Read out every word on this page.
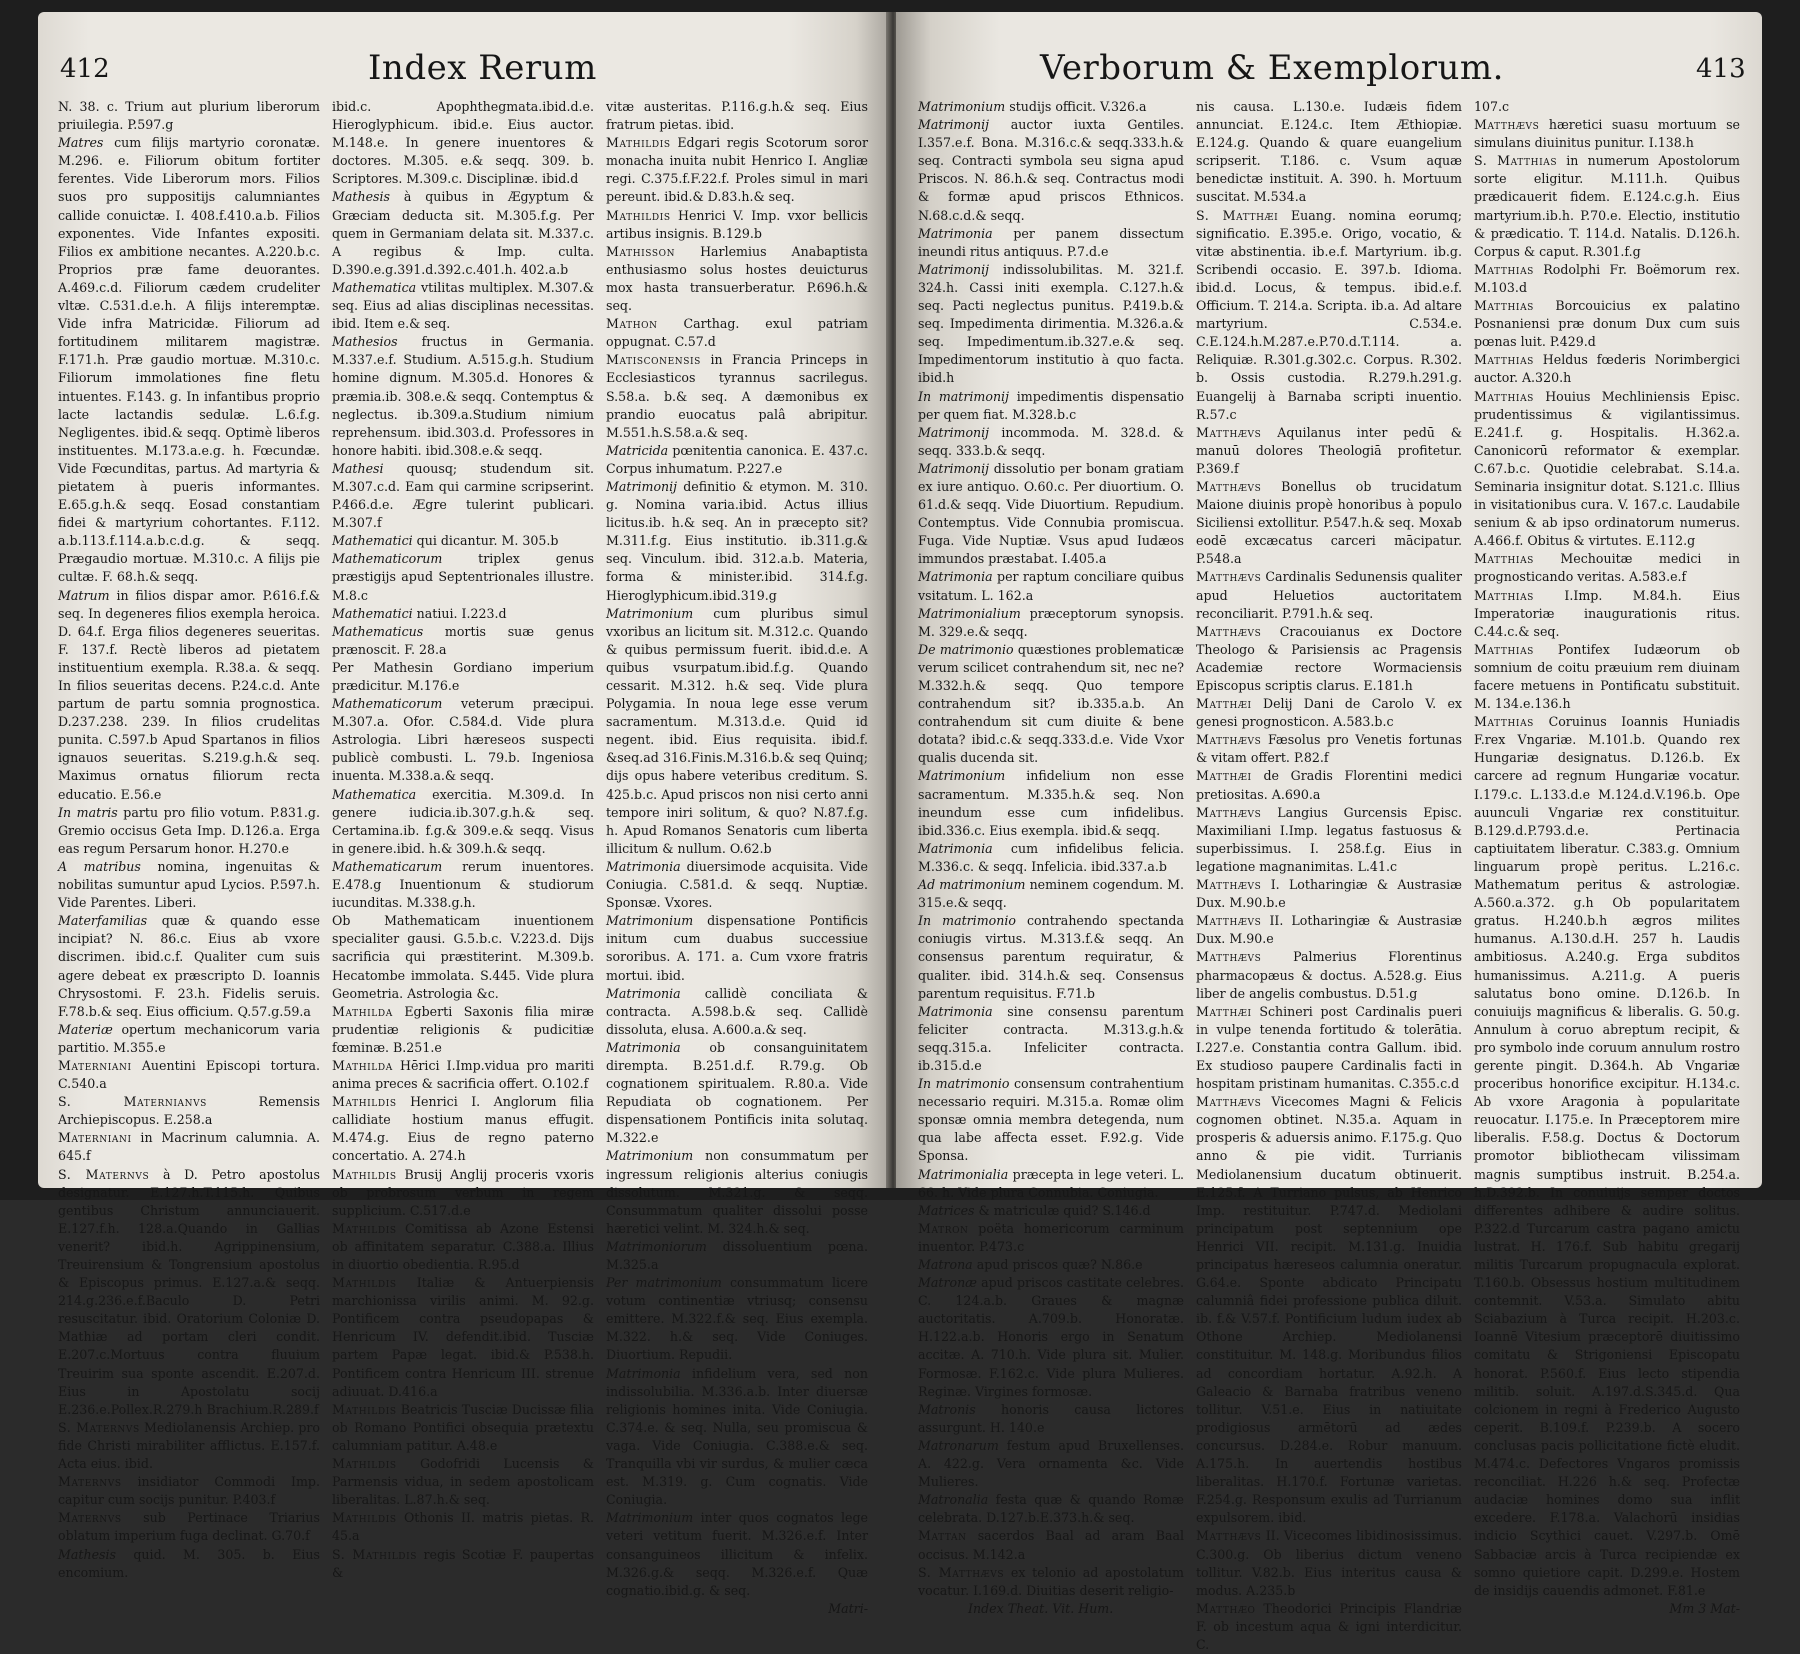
412	Index Rerum

N. 38. c. Trium aut plurium liberorum priuilegia. P.597.g

Matres cum filijs martyrio coronatæ. M.296. e. Filiorum obitum fortiter ferentes. Vide Liberorum mors. Filios suos pro suppositijs calumniantes callide conuictæ. I. 408.f.410.a.b. Filios exponentes. Vide Infantes expositi. Filios ex ambitione necantes. A.220.b.c. Proprios præ fame deuorantes. A.469.c.d. Filiorum cædem crudeliter vltæ. C.531.d.e.h. A filijs interemptæ. Vide infra Matricidæ. Filiorum ad fortitudinem militarem magistræ. F.171.h. Præ gaudio mortuæ. M.310.c. Filiorum immolationes fine fletu intuentes. F.143. g. In infantibus proprio lacte lactandis sedulæ. L.6.f.g. Negligentes. ibid.& seqq. Optimè liberos instituentes. M.173.a.e.g. h. Fœcundæ. Vide Fœcunditas, partus. Ad martyria & pietatem à pueris informantes. E.65.g.h.& seqq. Eosad constantiam fidei & martyrium cohortantes. F.112. a.b.113.f.114.a.b.c.d.g. & seqq. Prægaudio mortuæ. M.310.c. A filijs pie cultæ. F. 68.h.& seqq.

Matrum in filios dispar amor. P.616.f.& seq. In degeneres filios exempla heroica. D. 64.f. Erga filios degeneres seueritas. F. 137.f. Rectè liberos ad pietatem instituentium exempla. R.38.a. & seqq. In filios seueritas decens. P.24.c.d. Ante partum de partu somnia prognostica. D.237.238. 239. In filios crudelitas punita. C.597.b Apud Spartanos in filios ignauos seueritas. S.219.g.h.& seq. Maximus ornatus filiorum recta educatio. E.56.e

In matris partu pro filio votum. P.831.g. Gremio occisus Geta Imp. D.126.a. Erga eas regum Persarum honor. H.270.e

A matribus nomina, ingenuitas & nobilitas sumuntur apud Lycios. P.597.h. Vide Parentes. Liberi.

Materfamilias quæ & quando esse incipiat? N. 86.c. Eius ab vxore discrimen. ibid.c.f. Qualiter cum suis agere debeat ex præscripto D. Ioannis Chrysostomi. F. 23.h. Fidelis seruis. F.78.b.& seq. Eius officium. Q.57.g.59.a

Materiæ opertum mechanicorum varia partitio. M.355.e

Materniani Auentini Episcopi tortura. C.540.a

S. Maternianvs	Remensis Archiepiscopus. E.258.a

Materniani in Macrinum calumnia. A. 645.f

S. Maternvs à D. Petro apostolus designatur. E.127.h.T.115.h. Quibus gentibus Christum annunciauerit. E.127.f.h. 128.a.Quando in Gallias venerit? ibid.h. Agrippinensium, Treuirensium & Tongrensium apostolus & Episcopus primus. E.127.a.& seqq. 214.g.236.e.f.Baculo D. Petri resuscitatur. ibid. Oratorium Coloniæ D. Mathiæ ad portam cleri condit. E.207.c.Mortuus contra fluuium Treuirim sua sponte ascendit. E.207.d. Eius in Apostolatu socij E.236.e.Pollex.R.279.h Brachium.R.289.f

S. Maternvs Mediolanensis Archiep. pro fide Christi mirabiliter afflictus. E.157.f. Acta eius. ibid.

Maternvs insidiator Commodi Imp. capitur cum socijs punitur. P.403.f

Maternvs sub Pertinace Triarius oblatum imperium fuga declinat. G.70.f

Mathesis quid. M. 305. b. Eius encomium.

ibid.c. Apophthegmata.ibid.d.e. Hieroglyphicum. ibid.e. Eius auctor. M.148.e. In genere inuentores & doctores. M.305. e.& seqq. 309. b. Scriptores. M.309.c. Disciplinæ. ibid.d

Mathesis à quibus in Ægyptum & Græciam deducta sit. M.305.f.g. Per quem in Germaniam delata sit. M.337.c. A regibus & Imp. culta. D.390.e.g.391.d.392.c.401.h. 402.a.b

Mathematica vtilitas multiplex. M.307.& seq. Eius ad alias disciplinas necessitas. ibid. Item e.& seq.

Mathesios fructus in Germania. M.337.e.f. Studium. A.515.g.h. Studium homine dignum. M.305.d. Honores & præmia.ib. 308.e.& seqq. Contemptus & neglectus. ib.309.a.Studium nimium reprehensum. ibid.303.d. Professores in honore habiti. ibid.308.e.& seqq.

Mathesi quousq; studendum sit. M.307.c.d. Eam qui carmine scripserint. P.466.d.e. Ægre tulerint publicari. M.307.f

Mathematici qui dicantur. M. 305.b

Mathematicorum	triplex genus præstigijs apud Septentrionales illustre. M.8.c

Mathematici natiui. I.223.d

Mathematicus mortis suæ genus prænoscit. F. 28.a

Per Mathesin Gordiano imperium prædicitur. M.176.e

Mathematicorum veterum præcipui. M.307.a. Ofor. C.584.d. Vide plura Astrologia. Libri hæreseos suspecti publicè combusti. L. 79.b. Ingeniosa inuenta. M.338.a.& seqq.

Mathematica exercitia. M.309.d. In genere iudicia.ib.307.g.h.& seq. Certamina.ib. f.g.& 309.e.& seqq. Visus in genere.ibid. h.& 309.h.& seqq.

Mathematicarum rerum inuentores. E.478.g Inuentionum & studiorum iucunditas. M.338.g.h.

Ob Mathematicam inuentionem specialiter gausi. G.5.b.c. V.223.d. Dijs sacrificia qui præstiterint. M.309.b. Hecatombe immolata. S.445. Vide plura Geometria. Astrologia &c.

Mathilda Egberti Saxonis filia miræ prudentiæ religionis & pudicitiæ fœminæ. B.251.e

Mathilda Hērici I.Imp.vidua pro mariti anima preces & sacrificia offert. O.102.f

Mathildis Henrici I. Anglorum filia callidiate hostium manus effugit. M.474.g. Eius de regno paterno concertatio. A. 274.h

Mathildis Brusij Anglij proceris vxoris ob probrosum verbum in regem supplicium. C.517.d.e

Mathildis Comitissa ab Azone Estensi ob affinitatem separatur. C.388.a. Illius in diuortio obedientia. R.95.d

Mathildis Italiæ & Antuerpiensis marchionissa virilis animi. M. 92.g. Pontificem contra pseudopapas & Henricum IV. defendit.ibid. Tusciæ partem Papæ legat. ibid.& P.538.h. Pontificem contra Henricum III. strenue adiuuat. D.416.a

Mathildis Beatricis Tusciæ Ducissæ filia ob Romano Pontifici obsequia prætextu calumniam patitur. A.48.e

Mathildis Godofridi Lucensis & Parmensis vidua, in sedem apostolicam liberalitas. L.87.h.& seq.

Mathildis Othonis II. matris pietas. R. 45.a

S. Mathildis regis Scotiæ F. paupertas &

vitæ austeritas. P.116.g.h.& seq. Eius fratrum pietas. ibid.

Mathildis Edgari regis Scotorum soror monacha inuita nubit Henrico I. Angliæ regi. C.375.f.F.22.f. Proles simul in mari pereunt. ibid.& D.83.h.& seq.

Mathildis Henrici V. Imp. vxor bellicis artibus insignis. B.129.b

Mathisson Harlemius Anabaptista enthusiasmo solus hostes deuicturus mox hasta transuerberatur. P.696.h.& seq.

Mathon Carthag. exul patriam oppugnat. C.57.d

Matisconensis in Francia Princeps in Ecclesiasticos tyrannus sacrilegus. S.58.a. b.& seq. A dæmonibus ex prandio euocatus palâ abripitur. M.551.h.S.58.a.& seq.

Matricida pœnitentia canonica. E. 437.c. Corpus inhumatum. P.227.e

Matrimonij definitio & etymon. M. 310. g. Nomina varia.ibid. Actus illius licitus.ib. h.& seq. An in præcepto sit? M.311.f.g. Eius institutio. ib.311.g.& seq. Vinculum. ibid. 312.a.b. Materia, forma & minister.ibid. 314.f.g. Hieroglyphicum.ibid.319.g

Matrimonium cum pluribus simul vxoribus an licitum sit. M.312.c. Quando & quibus permissum fuerit. ibid.d.e. A quibus vsurpatum.ibid.f.g. Quando cessarit. M.312. h.& seq. Vide plura Polygamia. In noua lege esse verum sacramentum. M.313.d.e. Quid id negent. ibid. Eius requisita. ibid.f. &seq.ad 316.Finis.M.316.b.& seq Quinq; dijs opus habere veteribus creditum. S. 425.b.c. Apud priscos non nisi certo anni tempore iniri solitum, & quo? N.87.f.g. h. Apud Romanos Senatoris cum liberta illicitum & nullum. O.62.b

Matrimonia diuersimode acquisita. Vide Coniugia. C.581.d. & seqq. Nuptiæ. Sponsæ. Vxores.

Matrimonium dispensatione Pontificis initum cum duabus successiue sororibus. A. 171. a. Cum vxore fratris mortui. ibid.

Matrimonia callidè conciliata & contracta. A.598.b.& seq. Callidè dissoluta, elusa. A.600.a.& seq.

Matrimonia ob consanguinitatem dirempta. B.251.d.f. R.79.g. Ob cognationem spiritualem. R.80.a. Vide Repudiata ob cognationem. Per dispensationem Pontificis inita solutaq. M.322.e

Matrimonium non consummatum per ingressum religionis alterius coniugis dissolutum. M.321.g. & seqq. Consummatum qualiter dissolui posse hæretici velint. M. 324.h.& seq.

Matrimoniorum dissoluentium pœna. M.325.a

Per matrimonium consummatum licere votum continentiæ vtriusq; consensu emittere. M.322.f.& seq. Eius exempla. M.322. h.& seq. Vide Coniuges. Diuortium. Repudii.

Matrimonia infidelium vera, sed non indissolubilia. M.336.a.b. Inter diuersæ religionis homines inita. Vide Coniugia. C.374.e. & seq. Nulla, seu promiscua & vaga. Vide Coniugia. C.388.e.& seq. Tranquilla vbi vir surdus, & mulier cæca est. M.319. g. Cum cognatis. Vide Coniugia.

Matrimonium inter quos cognatos lege veteri vetitum fuerit. M.326.e.f. Inter consanguineos illicitum & infelix. M.326.g.& seqq. M.326.e.f. Quæ cognatio.ibid.g. & seq.

Matri-

Verborum & Exemplorum.	413

Matrimonium studijs officit. V.326.a

Matrimonij auctor iuxta Gentiles. I.357.e.f. Bona. M.316.c.& seqq.333.h.& seq. Contracti symbola seu signa apud Priscos. N. 86.h.& seq. Contractus modi & formæ apud priscos Ethnicos. N.68.c.d.& seqq.

Matrimonia per panem dissectum ineundi ritus antiquus. P.7.d.e

Matrimonij indissolubilitas. M. 321.f. 324.h. Cassi initi exempla. C.127.h.& seq. Pacti neglectus punitus. P.419.b.& seq. Impedimenta dirimentia. M.326.a.& seq. Impedimentum.ib.327.e.& seq. Impedimentorum institutio à quo facta. ibid.h

In matrimonij impedimentis dispensatio per quem fiat. M.328.b.c

Matrimonij incommoda. M. 328.d. & seqq. 333.b.& seqq.

Matrimonij dissolutio per bonam gratiam ex iure antiquo. O.60.c. Per diuortium. O. 61.d.& seqq. Vide Diuortium. Repudium. Contemptus. Vide Connubia promiscua. Fuga. Vide Nuptiæ. Vsus apud Iudæos immundos præstabat. I.405.a

Matrimonia per raptum conciliare quibus vsitatum. L. 162.a

Matrimonialium præceptorum synopsis. M. 329.e.& seqq.

De matrimonio quæstiones problematicæ verum scilicet contrahendum sit, nec ne? M.332.h.& seqq. Quo tempore contrahendum sit? ib.335.a.b. An contrahendum sit cum diuite & bene dotata? ibid.c.& seqq.333.d.e. Vide Vxor qualis ducenda sit.

Matrimonium infidelium non esse sacramentum. M.335.h.& seq. Non ineundum esse cum infidelibus. ibid.336.c. Eius exempla. ibid.& seqq.

Matrimonia cum infidelibus felicia. M.336.c. & seqq. Infelicia. ibid.337.a.b

Ad matrimonium neminem cogendum. M. 315.e.& seqq.

In matrimonio contrahendo spectanda coniugis virtus. M.313.f.& seqq. An consensus parentum requiratur, & qualiter. ibid. 314.h.& seq. Consensus parentum requisitus. F.71.b

Matrimonia sine consensu parentum feliciter contracta. M.313.g.h.& seqq.315.a. Infeliciter contracta. ib.315.d.e

In matrimonio consensum contrahentium necessario requiri. M.315.a. Romæ olim sponsæ omnia membra detegenda, num qua labe affecta esset. F.92.g. Vide Sponsa.

Matrimonialia præcepta in lege veteri. L. 66. h. Vide plura Connubia. Coniugia.

Matrices & matriculæ quid? S.146.d

Matron poëta homericorum carminum inuentor. P.473.c

Matrona apud priscos quæ? N.86.e

Matronæ apud priscos castitate celebres. C. 124.a.b. Graues & magnæ auctoritatis. A.709.b. Honoratæ. H.122.a.b. Honoris ergo in Senatum accitæ. A. 710.h. Vide plura sit. Mulier. Formosæ. F.162.c. Vide plura Mulieres. Reginæ. Virgines formosæ.

Matronis honoris causa lictores assurgunt. H. 140.e

Matronarum festum apud Bruxellenses. A. 422.g. Vera ornamenta &c. Vide Mulieres.

Matronalia festa quæ & quando Romæ celebrata. D.127.b.E.373.h.& seq.

Mattan sacerdos Baal ad aram Baal occisus. M.142.a

S. Matthævs ex telonio ad apostolatum vocatur. I.169.d. Diuitias deserit religio-

Index Theat. Vit. Hum.

nis causa. L.130.e. Iudæis fidem annunciat. E.124.c. Item Æthiopiæ. E.124.g. Quando & quare euangelium scripserit. T.186. c. Vsum aquæ benedictæ instituit. A. 390. h. Mortuum suscitat. M.534.a

S. Matthæi Euang. nomina eorumq; significatio. E.395.e. Origo, vocatio, & vitæ abstinentia. ib.e.f. Martyrium. ib.g. Scribendi occasio. E. 397.b. Idioma. ibid.d. Locus, & tempus. ibid.e.f. Officium. T. 214.a. Scripta. ib.a. Ad altare martyrium. C.534.e. C.E.124.h.M.287.e.P.70.d.T.114. a. Reliquiæ. R.301.g.302.c. Corpus. R.302. b. Ossis custodia. R.279.h.291.g. Euangelij à Barnaba scripti inuentio. R.57.c

Matthævs Aquilanus inter pedū & manuū dolores Theologiā profitetur. P.369.f

Matthævs Bonellus ob trucidatum Maione diuinis propè honoribus à populo Siciliensi extollitur. P.547.h.& seq. Moxab eodē excæcatus carceri mācipatur. P.548.a

Matthævs Cardinalis Sedunensis qualiter apud Heluetios auctoritatem reconciliarit. P.791.h.& seq.

Matthævs Cracouianus ex Doctore Theologo & Parisiensis ac Pragensis Academiæ rectore Wormaciensis Episcopus scriptis clarus. E.181.h

Matthæi Delij Dani de Carolo V. ex genesi prognosticon. A.583.b.c

Matthævs Fæsolus pro Venetis fortunas & vitam offert. P.82.f

Matthæi de Gradis Florentini medici pretiositas. A.690.a

Matthævs Langius Gurcensis Episc. Maximiliani I.Imp. legatus fastuosus & superbissimus. I. 258.f.g. Eius in legatione magnanimitas. L.41.c

Matthævs I. Lotharingiæ & Austrasiæ Dux. M.90.b.e

Matthævs II. Lotharingiæ & Austrasiæ Dux. M.90.e

Matthævs	Palmerius Florentinus pharmacopæus & doctus. A.528.g. Eius liber de angelis combustus. D.51.g

Matthæi Schineri post Cardinalis pueri in vulpe tenenda fortitudo & tolerātia. I.227.e. Constantia contra Gallum. ibid. Ex studioso paupere Cardinalis facti in hospitam pristinam humanitas. C.355.c.d

Matthævs Vicecomes Magni & Felicis cognomen obtinet. N.35.a. Aquam in prosperis & aduersis animo. F.175.g. Quo anno & pie vidit. Turrianis Mediolanensium ducatum obtinuerit. E.125.f. A Turriano pulsus, ab Henrico Imp. restituitur. P.747.d. Mediolani principatum post septennium ope Henrici VII. recipit. M.131.g. Inuidia principatus hæreseos calumnia oneratur. G.64.e. Sponte abdicato Principatu calumniâ fidei professione publica diluit. ib. f.& V.57.f. Pontificium ludum iudex ab Othone Archiep. Mediolanensi constituitur. M. 148.g. Moribundus filios ad concordiam hortatur. A.92.h. A Galeacio & Barnaba fratribus veneno tollitur. V.51.e. Eius in natiuitate prodigiosus armētorū ad ædes concursus. D.284.e. Robur manuum. A.175.h. In auertendis hostibus liberalitas. H.170.f. Fortunæ varietas. F.254.g. Responsum exulis ad Turrianum expulsorem. ibid.

Matthævs II. Vicecomes libidinosissimus. C.300.g. Ob liberius dictum veneno tollitur. V.82.b. Eius interitus causa & modus. A.235.b

Matthæo Theodorici Principis Flandriæ F. ob incestum aqua & igni interdicitur. C.

107.c

Matthævs hæretici suasu mortuum se simulans diuinitus punitur. I.138.h

S. Matthias in numerum Apostolorum sorte eligitur. M.111.h. Quibus prædicauerit fidem. E.124.c.g.h. Eius martyrium.ib.h. P.70.e. Electio, institutio & prædicatio. T. 114.d. Natalis. D.126.h. Corpus & caput. R.301.f.g

Matthias Rodolphi Fr. Boëmorum rex. M.103.d

Matthias Borcouicius ex palatino Posnaniensi præ donum Dux cum suis pœnas luit. P.429.d

Matthias Heldus fœderis Norimbergici auctor. A.320.h

Matthias Houius Mechliniensis Episc. prudentissimus & vigilantissimus. E.241.f. g. Hospitalis. H.362.a. Canonicorū reformator & exemplar. C.67.b.c. Quotidie celebrabat. S.14.a. Seminaria insignitur dotat. S.121.c. Illius in visitationibus cura. V. 167.c. Laudabile senium & ab ipso ordinatorum numerus. A.466.f. Obitus & virtutes. E.112.g

Matthias Mechouitæ medici in prognosticando veritas. A.583.e.f

Matthias I.Imp. M.84.h. Eius Imperatoriæ inaugurationis ritus. C.44.c.& seq.

Matthias Pontifex Iudæorum ob somnium de coitu præuium rem diuinam facere metuens in Pontificatu substituit. M. 134.e.136.h

Matthias Coruinus Ioannis Huniadis F.rex Vngariæ. M.101.b. Quando rex Hungariæ designatus. D.126.b. Ex carcere ad regnum Hungariæ vocatur. I.179.c. L.133.d.e M.124.d.V.196.b. Ope auunculi Vngariæ rex constituitur. B.129.d.P.793.d.e. Pertinacia captiuitatem liberatur. C.383.g. Omnium linguarum propè peritus. L.216.c. Mathematum peritus & astrologiæ. A.560.a.372. g.h Ob popularitatem gratus. H.240.b.h ægros milites humanus. A.130.d.H. 257 h. Laudis ambitiosus. A.240.g. Erga subditos humanissimus. A.211.g. A pueris salutatus bono omine. D.126.b. In conuiuijs magnificus & liberalis. G. 50.g. Annulum à coruo abreptum recipit, & pro symbolo inde coruum annulum rostro gerente pingit. D.364.h. Ab Vngariæ proceribus honorifice excipitur. H.134.c. Ab vxore Aragonia à popularitate reuocatur. I.175.e. In Præceptorem mire liberalis. F.58.g. Doctus & Doctorum promotor bibliothecam vilissimam magnis sumptibus instruit. B.254.a. h.D.392.b. In conuiuijs semper doctos differentes adhibere & audire solitus. P.322.d Turcarum castra pagano amictu lustrat. H. 176.f. Sub habitu gregarij militis Turcarum propugnacula explorat. T.160.b. Obsessus hostium multitudinem contemnit. V.53.a. Simulato abitu Sciabazium à Turca recipit. H.203.c. Ioannē Vitesium præceptorē diuitissimo comitatu & Strigoniensi Episcopatu honorat. P.560.f. Eius lecto stipendia militib. soluit. A.197.d.S.345.d. Qua colcionem in regni à Frederico Augusto ceperit. B.109.f. P.239.b. A socero conclusas pacis pollicitatione fictè eludit. M.474.c. Defectores Vngaros promissis reconciliat. H.226 h.& seq. Profectæ audaciæ homines domo sua inflit excedere. F.178.a. Valachorū insidias indicio Scythici cauet. V.297.b. Omē Sabbaciæ arcis à Turca recipiendæ ex somno quietiore capit. D.299.e. Hostem de insidijs cauendis admonet. F.81.e

Mm 3 Mat-
